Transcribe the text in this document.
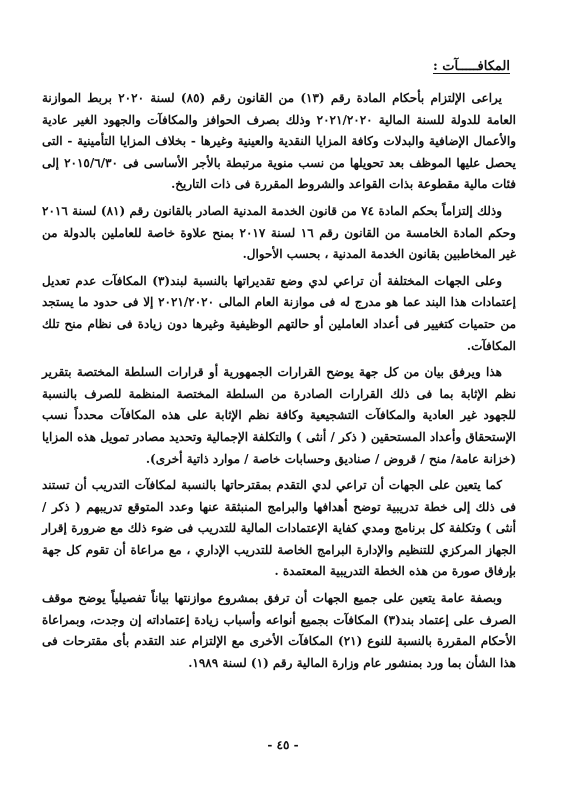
المكافـــــآت :

يراعى الإلتزام بأحكام المادة رقم (١٣) من القانون رقم (٨٥) لسنة ٢٠٢٠ بربط الموازنة العامة للدولة للسنة المالية ٢٠٢١/٢٠٢٠ وذلك بصرف الحوافز والمكافآت والجهود الغير عادية والأعمال الإضافية والبدلات وكافة المزايا النقدية والعينية وغيرها - بخلاف المزايا التأمينية - التى يحصل عليها الموظف بعد تحويلها من نسب منوية مرتبطة بالأجر الأساسى فى ٢٠١٥/٦/٣٠ إلى فئات مالية مقطوعة بذات القواعد والشروط المقررة فى ذات التاريخ.

وذلك إلتزاماً بحكم المادة ٧٤ من قانون الخدمة المدنية الصادر بالقانون رقم (٨١) لسنة ٢٠١٦ وحكم المادة الخامسة من القانون رقم ١٦ لسنة ٢٠١٧ بمنح علاوة خاصة للعاملين بالدولة من غير المخاطبين بقانون الخدمة المدنية ، بحسب الأحوال.

وعلى الجهات المختلفة أن تراعي لدي وضع تقديراتها بالنسبة لبند(٣) المكافآت عدم تعديل إعتمادات هذا البند عما هو مدرج له فى موازنة العام المالى ٢٠٢١/٢٠٢٠ إلا فى حدود ما يستجد من حتميات كتغيير فى أعداد العاملين أو حالتهم الوظيفية وغيرها دون زيادة فى نظام منح تلك المكافآت.

هذا ويرفق بيان من كل جهة يوضح القرارات الجمهورية أو قرارات السلطة المختصة بتقرير نظم الإثابة بما فى ذلك القرارات الصادرة من السلطة المختصة المنظمة للصرف بالنسبة للجهود غير العادية والمكافآت التشجيعية وكافة نظم الإثابة على هذه المكافآت محدداً نسب الإستحقاق وأعداد المستحقين ( ذكر / أنثى ) والتكلفة الإجمالية وتحديد مصادر تمويل هذه المزايا (خزانة عامة/ منح / قروض / صناديق وحسابات خاصة / موارد ذاتية أخرى).

كما يتعين على الجهات أن تراعي لدي التقدم بمقترحاتها بالنسبة لمكافآت التدريب أن تستند فى ذلك إلى خطة تدريبية توضح أهدافها والبرامج المنبثقة عنها وعدد المتوقع تدريبهم ( ذكر / أنثى ) وتكلفة كل برنامج ومدي كفاية الإعتمادات المالية للتدريب فى ضوء ذلك مع ضرورة إقرار الجهاز المركزي للتنظيم والإدارة البرامج الخاصة للتدريب الإداري ، مع مراعاة أن تقوم كل جهة بإرفاق صورة من هذه الخطة التدريبية المعتمدة .

وبصفة عامة يتعين على جميع الجهات أن ترفق بمشروع موازنتها بياناً تفصيلياً يوضح موقف الصرف على إعتماد بند(٣) المكافآت بجميع أنواعه وأسباب زيادة إعتماداته إن وجدت، وبمراعاة الأحكام المقررة بالنسبة للنوع (٢١) المكافآت الأخرى مع الإلتزام عند التقدم بأى مقترحات فى هذا الشأن بما ورد بمنشور عام وزارة المالية رقم (١) لسنة ١٩٨٩.

- ٤٥ -
